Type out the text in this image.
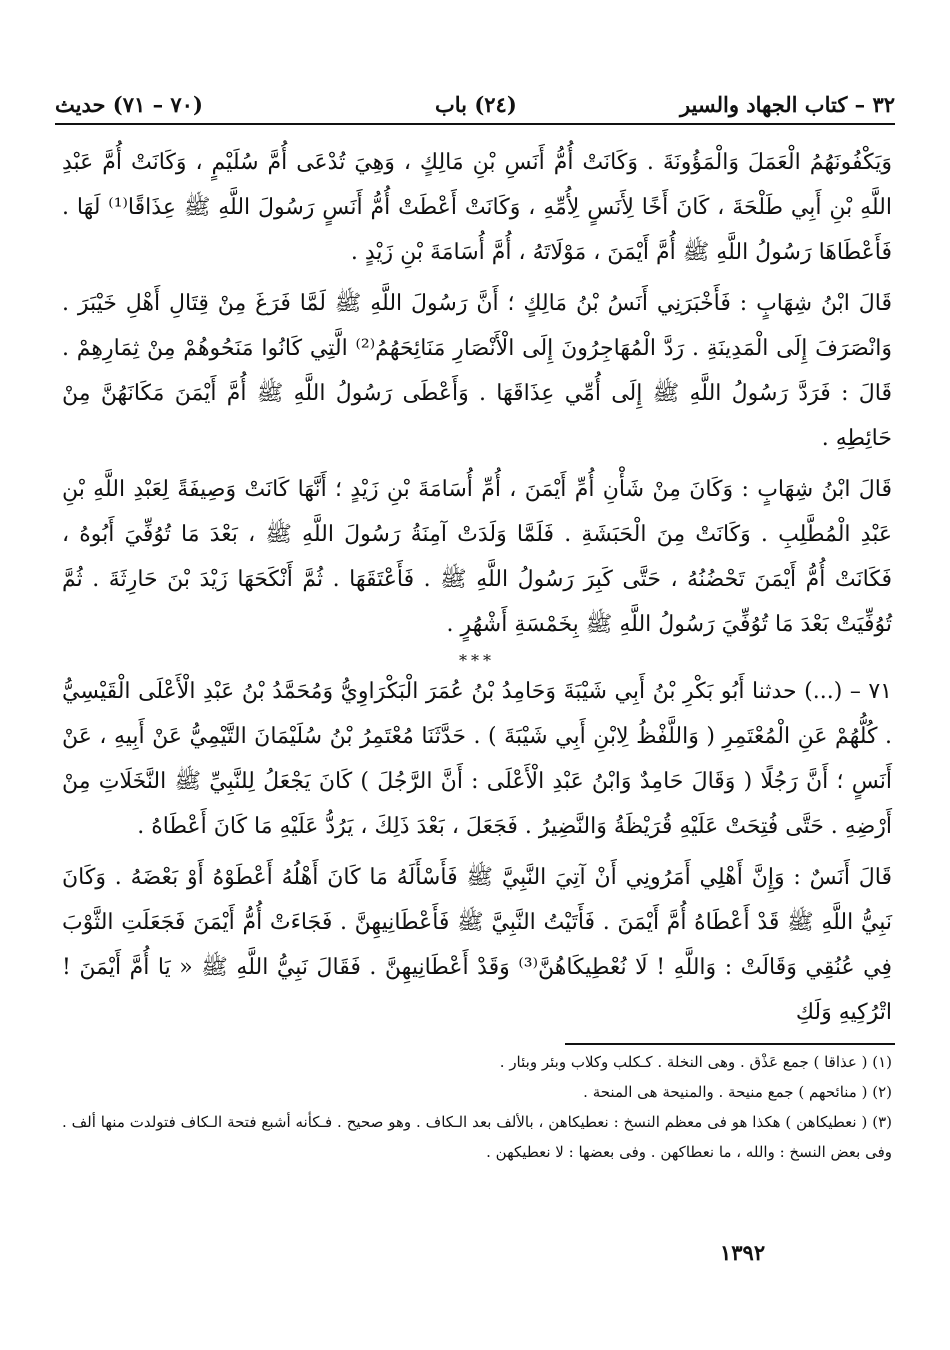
٣٢ – كتاب الجهاد والسير
(٢٤) باب
(٧٠ – ٧١) حديث

وَيَكْفُونَهُمُ الْعَمَلَ وَالْمَؤُونَةَ . وَكَانَتْ أُمُّ أَنَسِ بْنِ مَالِكٍ ، وَهِيَ تُدْعَى أُمَّ سُلَيْمٍ ، وَكَانَتْ أُمَّ عَبْدِ اللَّهِ بْنِ أَبِي طَلْحَةَ ، كَانَ أَخًا لِأَنَسٍ لِأُمِّهِ ، وَكَانَتْ أَعْطَتْ أُمُّ أَنَسٍ رَسُولَ اللَّهِ ﷺ عِذَاقًا⁽¹⁾ لَهَا . فَأَعْطَاهَا رَسُولُ اللَّهِ ﷺ أُمَّ أَيْمَنَ ، مَوْلَاتَهُ ، أُمَّ أُسَامَةَ بْنِ زَيْدٍ .

قَالَ ابْنُ شِهَابٍ : فَأَخْبَرَنِي أَنَسُ بْنُ مَالِكٍ ؛ أَنَّ رَسُولَ اللَّهِ ﷺ لَمَّا فَرَغَ مِنْ قِتَالِ أَهْلِ خَيْبَرَ . وَانْصَرَفَ إِلَى الْمَدِينَةِ . رَدَّ الْمُهَاجِرُونَ إِلَى الْأَنْصَارِ مَنَائِحَهُمُ⁽²⁾ الَّتِي كَانُوا مَنَحُوهُمْ مِنْ ثِمَارِهِمْ . قَالَ : فَرَدَّ رَسُولُ اللَّهِ ﷺ إِلَى أُمِّي عِذَاقَهَا . وَأَعْطَى رَسُولُ اللَّهِ ﷺ أُمَّ أَيْمَنَ مَكَانَهُنَّ مِنْ حَائِطِهِ .

قَالَ ابْنُ شِهَابٍ : وَكَانَ مِنْ شَأْنِ أُمِّ أَيْمَنَ ، أُمِّ أُسَامَةَ بْنِ زَيْدٍ ؛ أَنَّهَا كَانَتْ وَصِيفَةً لِعَبْدِ اللَّهِ بْنِ عَبْدِ الْمُطَّلِبِ . وَكَانَتْ مِنَ الْحَبَشَةِ . فَلَمَّا وَلَدَتْ آمِنَةُ رَسُولَ اللَّهِ ﷺ ، بَعْدَ مَا تُوُفِّيَ أَبُوهُ ، فَكَانَتْ أُمُّ أَيْمَنَ تَحْضُنُهُ ، حَتَّى كَبِرَ رَسُولُ اللَّهِ ﷺ . فَأَعْتَقَهَا . ثُمَّ أَنْكَحَهَا زَيْدَ بْنَ حَارِثَةَ . ثُمَّ تُوُفِّيَتْ بَعْدَ مَا تُوُفِّيَ رَسُولُ اللَّهِ ﷺ بِخَمْسَةِ أَشْهُرٍ .

***

٧١ – (...) حدثنا أَبُو بَكْرِ بْنُ أَبِي شَيْبَةَ وَحَامِدُ بْنُ عُمَرَ الْبَكْرَاوِيُّ وَمُحَمَّدُ بْنُ عَبْدِ الْأَعْلَى الْقَيْسِيُّ . كُلُّهُمْ عَنِ الْمُعْتَمِرِ ( وَاللَّفْظُ لِابْنِ أَبِي شَيْبَةَ ) . حَدَّثَنَا مُعْتَمِرُ بْنُ سُلَيْمَانَ التَّيْمِيُّ عَنْ أَبِيهِ ، عَنْ أَنَسٍ ؛ أَنَّ رَجُلًا ( وَقَالَ حَامِدٌ وَابْنُ عَبْدِ الْأَعْلَى : أَنَّ الرَّجُلَ ) كَانَ يَجْعَلُ لِلنَّبِيِّ ﷺ النَّخَلَاتِ مِنْ أَرْضِهِ . حَتَّى فُتِحَتْ عَلَيْهِ قُرَيْظَةُ وَالنَّضِيرُ . فَجَعَلَ ، بَعْدَ ذَلِكَ ، يَرُدُّ عَلَيْهِ مَا كَانَ أَعْطَاهُ .

قَالَ أَنَسٌ : وَإِنَّ أَهْلِي أَمَرُونِي أَنْ آتِيَ النَّبِيَّ ﷺ فَأَسْأَلَهُ مَا كَانَ أَهْلُهُ أَعْطَوْهُ أَوْ بَعْضَهُ . وَكَانَ نَبِيُّ اللَّهِ ﷺ قَدْ أَعْطَاهُ أُمَّ أَيْمَنَ . فَأَتَيْتُ النَّبِيَّ ﷺ فَأَعْطَانِيهِنَّ . فَجَاءَتْ أُمُّ أَيْمَنَ فَجَعَلَتِ الثَّوْبَ فِي عُنُقِي وَقَالَتْ : وَاللَّهِ ! لَا نُعْطِيكَاهُنَّ⁽³⁾ وَقَدْ أَعْطَانِيهِنَّ . فَقَالَ نَبِيُّ اللَّهِ ﷺ « يَا أُمَّ أَيْمَنَ ! اتْرُكِيهِ وَلَكِ

(١) ( عذاقا ) جمع عَذْق . وهى النخلة . كـكلب وكلاب وبئر وبئار .

(٢) ( منائحهم ) جمع منيحة . والمنيحة هى المنحة .

(٣) ( نعطيكاهن ) هكذا هو فى معظم النسخ : نعطيكاهن ، بالألف بعد الـكاف . وهو صحيح . فـكأنه أشبع فتحة الـكاف فتولدت منها ألف . وفى بعض النسخ : والله ، ما نعطاكهن . وفى بعضها : لا نعطيكهن .

١٣٩٢
